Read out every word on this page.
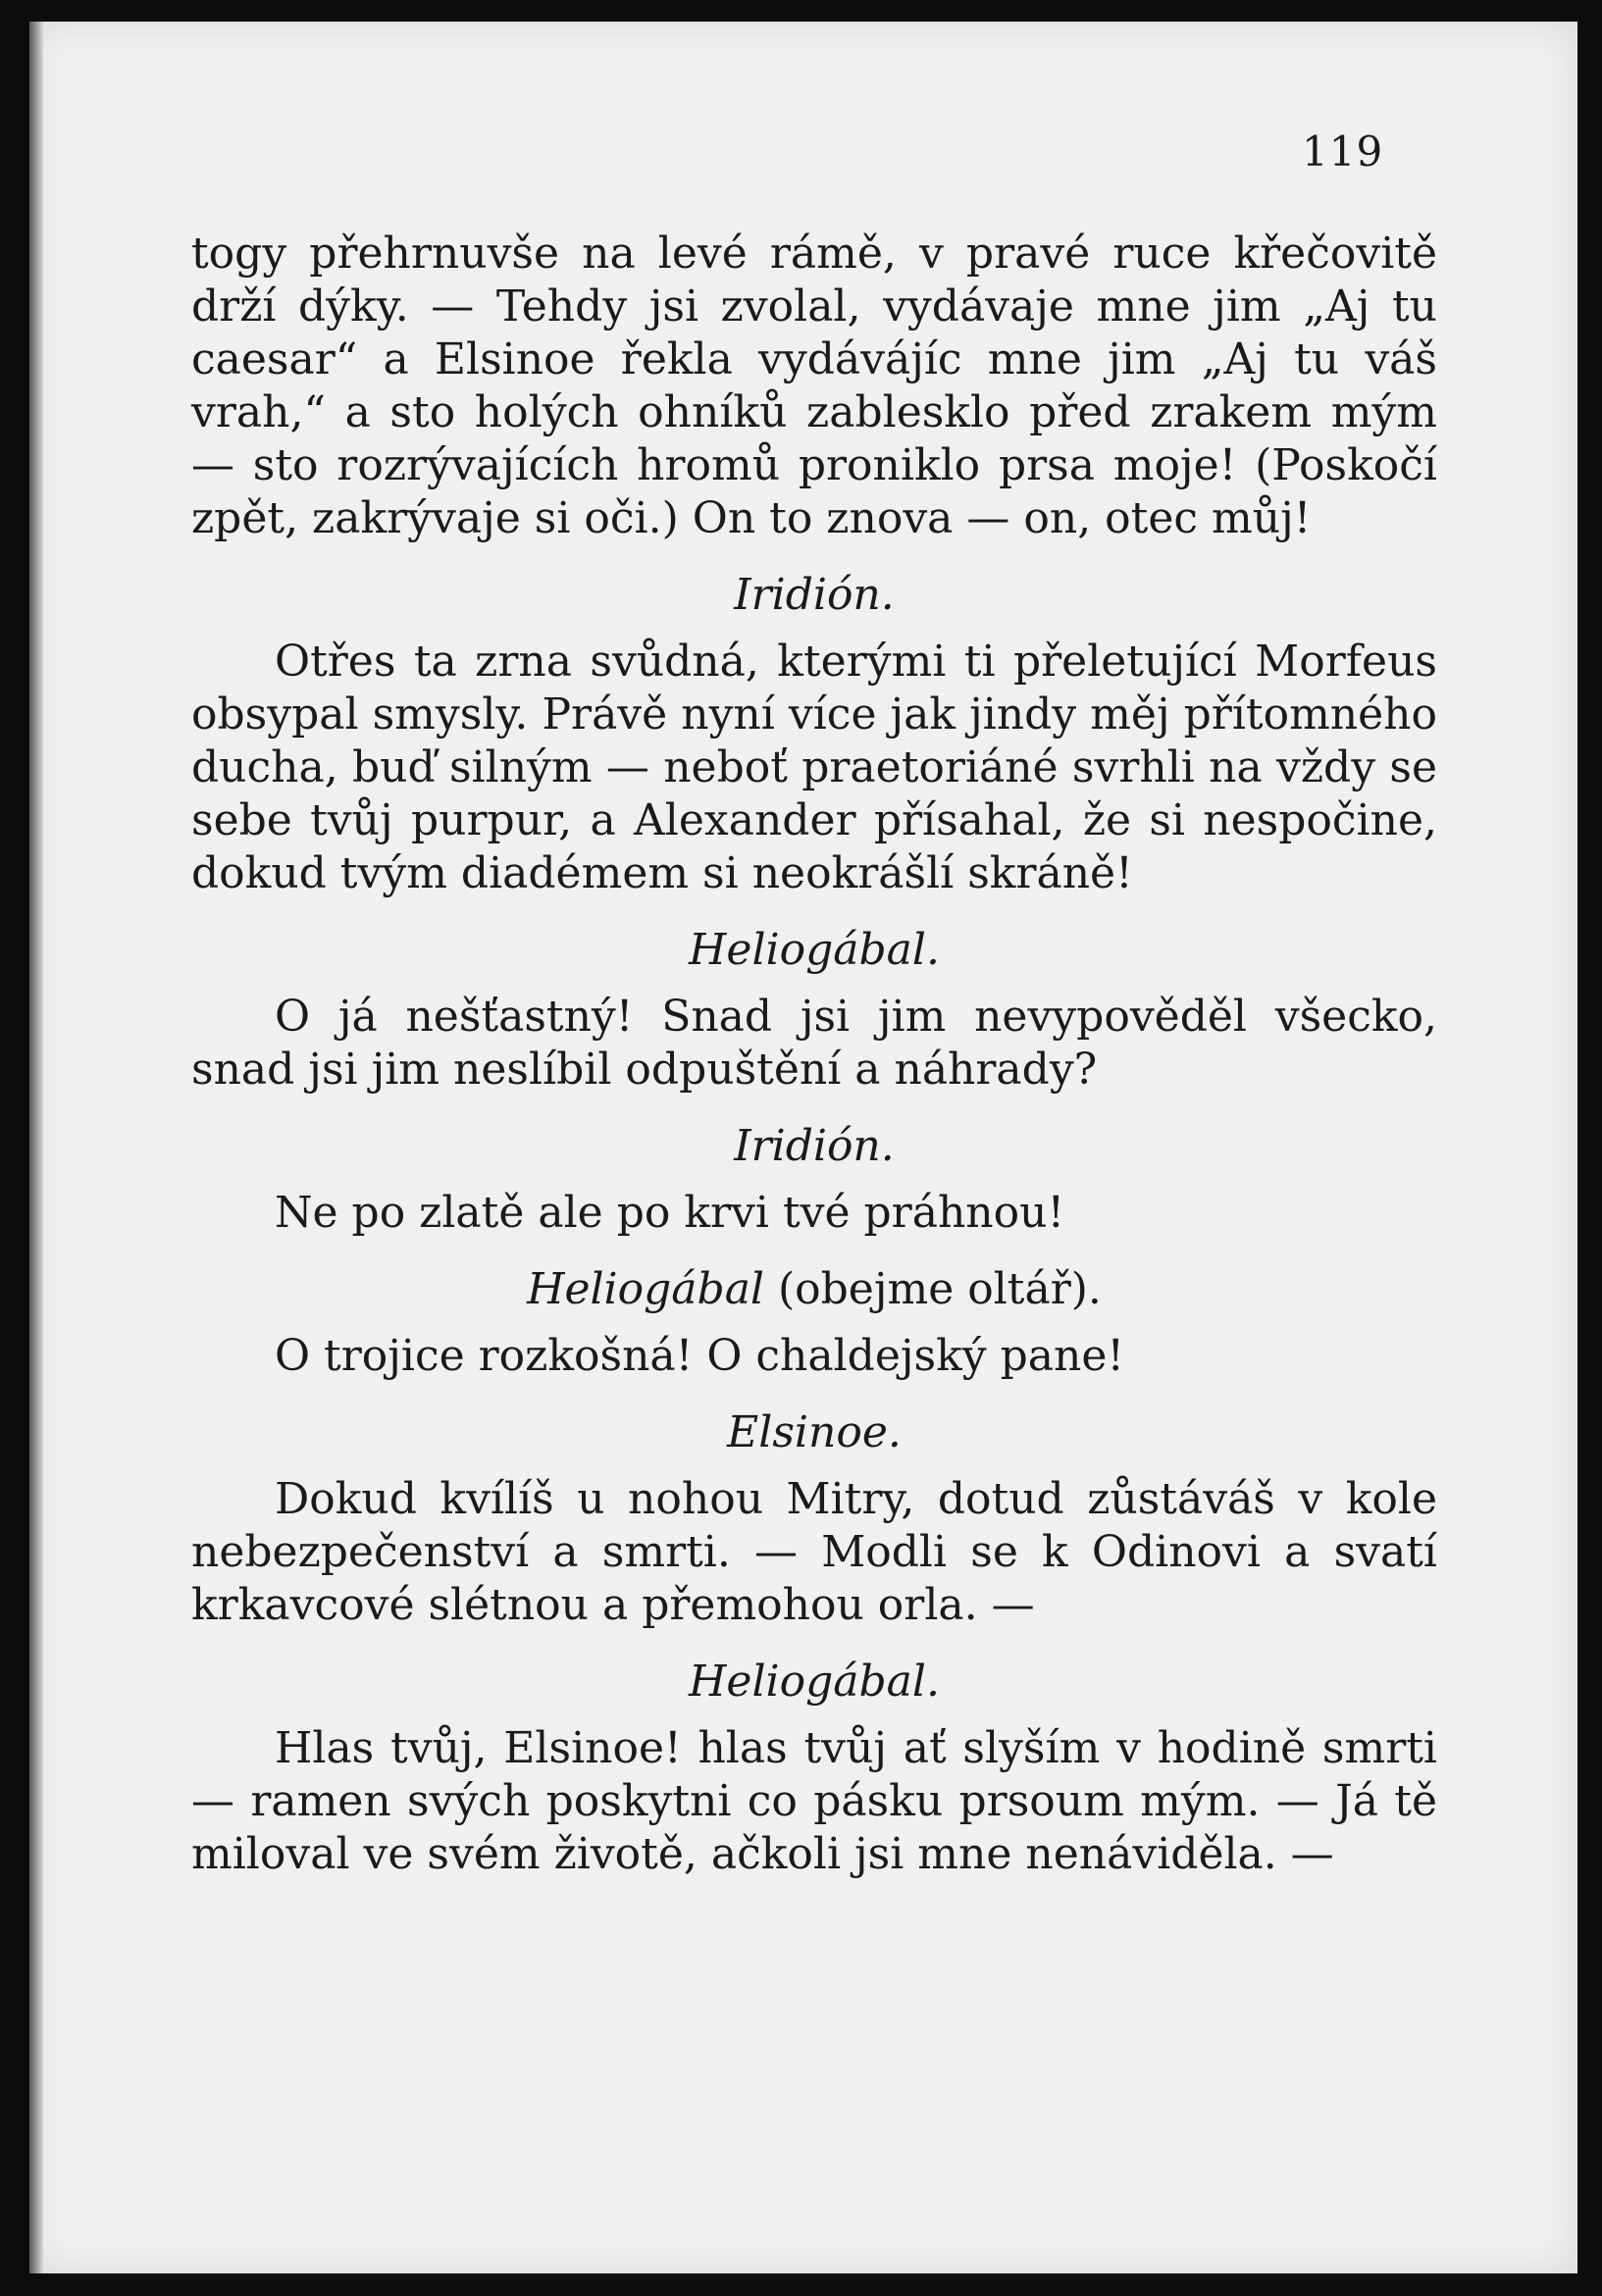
119

togy přehrnuvše na levé rámě, v pravé ruce křečovitě drží dýky. — Tehdy jsi zvolal, vydávaje mne jim „Aj tu caesar“ a Elsinoe řekla vydávájíc mne jim „Aj tu váš vrah,“ a sto holých ohníků zablesklo před zrakem mým — sto rozrývajících hromů proniklo prsa moje! (Poskočí zpět, zakrývaje si oči.) On to znova — on, otec můj!

Iridión.

Otřes ta zrna svůdná, kterými ti přeletující Morfeus obsypal smysly. Právě nyní více jak jindy měj přítomného ducha, buď silným — neboť praetoriáné svrhli na vždy se sebe tvůj purpur, a Alexander přísahal, že si nespočine, dokud tvým diadémem si neokrášlí skráně!

Heliogábal.

O já nešťastný! Snad jsi jim nevypověděl všecko, snad jsi jim neslíbil odpuštění a náhrady?

Iridión.

Ne po zlatě ale po krvi tvé práhnou!

Heliogábal (obejme oltář).

O trojice rozkošná! O chaldejský pane!

Elsinoe.

Dokud kvílíš u nohou Mitry, dotud zůstáváš v kole nebezpečenství a smrti. — Modli se k Odinovi a svatí krkavcové slétnou a přemohou orla. —

Heliogábal.

Hlas tvůj, Elsinoe! hlas tvůj ať slyším v hodině smrti — ramen svých poskytni co pásku prsoum mým. — Já tě miloval ve svém životě, ačkoli jsi mne nenáviděla. —
